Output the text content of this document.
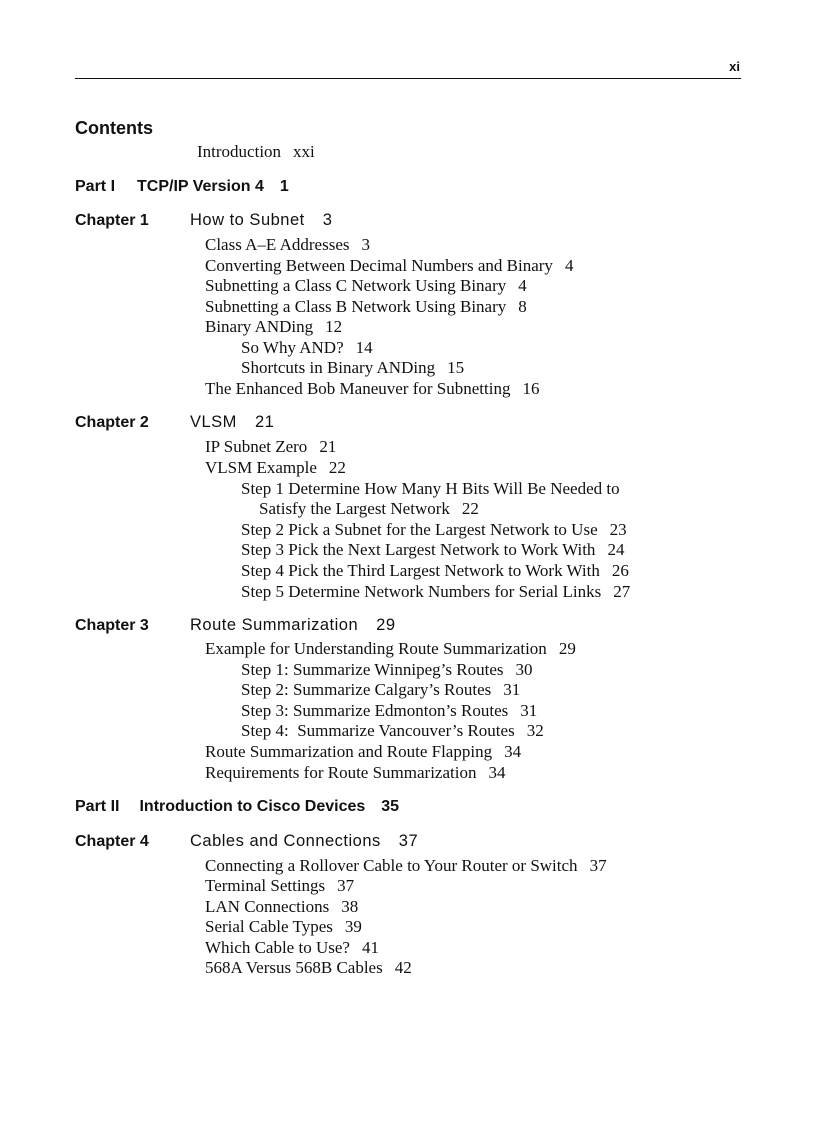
xi
Contents
Introduction xxi
Part I TCP/IP Version 4 1

Chapter 1

How to Subnet 3

Class A–E Addresses 3
Converting Between Decimal Numbers and Binary 4
Subnetting a Class C Network Using Binary 4
Subnetting a Class B Network Using Binary 8
Binary ANDing 12
So Why AND? 14
Shortcuts in Binary ANDing 15
The Enhanced Bob Maneuver for Subnetting 16

Chapter 2

VLSM 21

IP Subnet Zero 21
VLSM Example 22
Step 1 Determine How Many H Bits Will Be Needed to
Satisfy the Largest Network 22
Step 2 Pick a Subnet for the Largest Network to Use 23
Step 3 Pick the Next Largest Network to Work With 24
Step 4 Pick the Third Largest Network to Work With 26
Step 5 Determine Network Numbers for Serial Links 27

Chapter 3

Route Summarization 29

Example for Understanding Route Summarization 29
Step 1: Summarize Winnipeg’s Routes 30
Step 2: Summarize Calgary’s Routes 31
Step 3: Summarize Edmonton’s Routes 31
Step 4:  Summarize Vancouver’s Routes 32
Route Summarization and Route Flapping 34
Requirements for Route Summarization 34
Part II Introduction to Cisco Devices 35

Chapter 4

Cables and Connections 37

Connecting a Rollover Cable to Your Router or Switch 37
Terminal Settings 37
LAN Connections 38
Serial Cable Types 39
Which Cable to Use? 41
568A Versus 568B Cables 42
